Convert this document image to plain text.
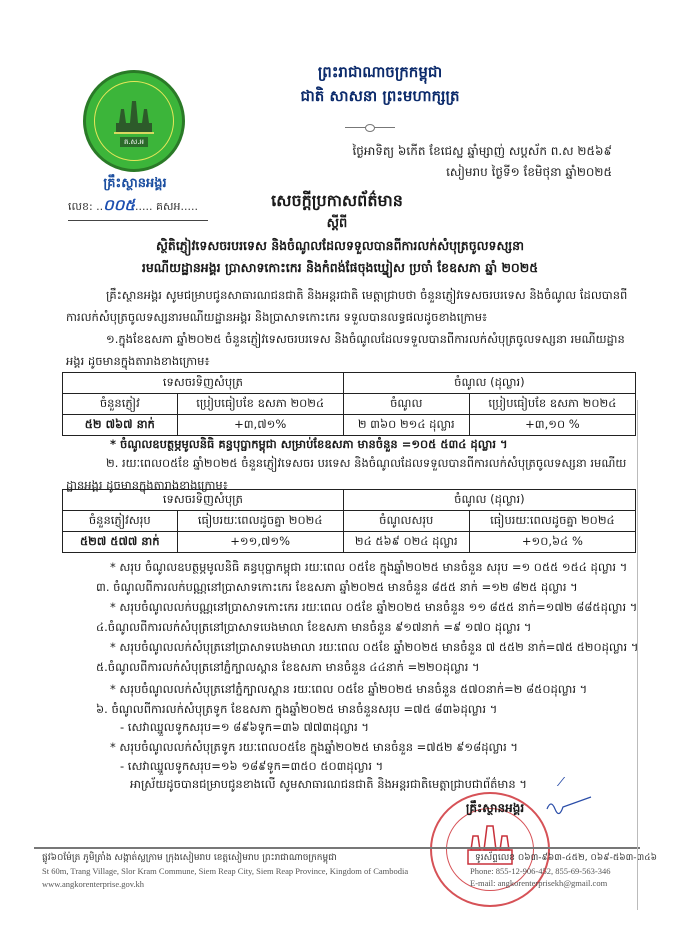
ព្រះរាជាណាចក្រកម្ពុជា
ជាតិ សាសនា ព្រះមហាក្សត្រ
គ.ស.អ
គ្រឹះស្ថានអង្គរ
លេខ: ..០០៥..... គសអ.....
ថ្ងៃអាទិត្យ ៦កើត ខែជេស្ឋ ឆ្នាំម្សាញ់ សប្តស័ក ព.ស ២៥៦៩
សៀមរាប ថ្ងៃទី១ ខែមិថុនា ឆ្នាំ២០២៥
សេចក្តីប្រកាសព័ត៌មាន
ស្តីពី
ស្ថិតិភ្ញៀវទេសចរបរទេស និងចំណូលដែលទទួលបានពីការលក់សំបុត្រចូលទស្សនា
រមណីយដ្ឋានអង្គរ ប្រាសាទកោះកេរ និងកំពង់ផែចុងឃ្នៀស ប្រចាំ ខែឧសភា ឆ្នាំ ២០២៥
គ្រឹះស្ថានអង្គរ សូមជម្រាបជូនសាធារណជនជាតិ និងអន្តរជាតិ មេត្តាជ្រាបថា ចំនួនភ្ញៀវទេសចរបរទេស និងចំណូល ដែលបានពីការលក់សំបុត្រចូលទស្សនារមណីយដ្ឋានអង្គរ និងប្រាសាទកោះកេរ ទទួលបានលទ្ធផលដូចខាងក្រោម៖
១.ក្នុងខែឧសភា ឆ្នាំ២០២៥ ចំនួនភ្ញៀវទេសចរបរទេស និងចំណូលដែលទទួលបានពីការលក់សំបុត្រចូលទស្សនា រមណីយដ្ឋានអង្គរ ដូចមានក្នុងតារាងខាងក្រោម៖
ទេសចរទិញសំបុត្រ		ចំណូល (ដុល្លារ)	
ចំនួនភ្ញៀវ	ប្រៀបធៀបខែ ឧសភា ២០២៤	ចំណូល	ប្រៀបធៀបខែ ឧសភា ២០២៤
៥២ ៧៦៧ នាក់	+៣,៧១%	២ ៣៦០ ២១៤ ដុល្លារ	+៣,១០ %
* ចំណូលឧបត្ថម្ភមូលនិធិ គន្ធបុប្ផាកម្ពុជា សម្រាប់ខែឧសភា មានចំនួន =១០៥ ៥៣៤ ដុល្លារ ។
២. រយៈពេល០៥ខែ ឆ្នាំ២០២៥ ចំនួនភ្ញៀវទេសចរ បរទេស និងចំណូលដែលទទួលបានពីការលក់សំបុត្រចូលទស្សនា រមណីយដ្ឋានអង្គរ ដូចមានក្នុងតារាងខាងក្រោម៖
ទេសចរទិញសំបុត្រ		ចំណូល (ដុល្លារ)	
ចំនួនភ្ញៀវសរុប	ធៀបរយៈពេលដូចគ្នា ២០២៤	ចំណូលសរុប	ធៀបរយៈពេលដូចគ្នា ២០២៤
៥២៧ ៥៧៧ នាក់	+១១,៧១%	២៤ ៥៦៩ ០២៤ ដុល្លារ	+១០,៦៤ %
* សរុប ចំណូលឧបត្ថម្ភមូលនិធិ គន្ធបុប្ផាកម្ពុជា រយៈពេល ០៥ខែ ក្នុងឆ្នាំ២០២៥ មានចំនួន សរុប =១ ០៥៥ ១៥៤ ដុល្លារ ។
៣. ចំណូលពីការលក់បណ្ណនៅប្រាសាទកោះកេរ ខែឧសភា ឆ្នាំ២០២៥ មានចំនួន ៨៥៥ នាក់ =១២ ៨២៥ ដុល្លារ ។
* សរុបចំណូលលក់បណ្ណនៅប្រាសាទកោះកេរ រយៈពេល ០៥ខែ ឆ្នាំ២០២៥ មានចំនួន ១១ ៨៥៥ នាក់=១៧២ ៨៨៥ដុល្លារ ។
៤.ចំណូលពីការលក់សំបុត្រនៅប្រាសាទបេងមាលា ខែឧសភា មានចំនួន ៩១៧នាក់ =៩ ១៧០ ដុល្លារ ។
* សរុបចំណូលលក់សំបុត្រនៅប្រាសាទបេងមាលា រយៈពេល ០៥ខែ ឆ្នាំ២០២៥ មានចំនួន ៧ ៥៥២ នាក់=៧៥ ៥២០ដុល្លារ ។
៥.ចំណូលពីការលក់សំបុត្រនៅភ្នំក្បាលស្ពាន ខែឧសភា មានចំនួន ៤៤នាក់ =២២០ដុល្លារ ។
* សរុបចំណូលលក់សំបុត្រនៅភ្នំក្បាលស្ពាន រយៈពេល ០៥ខែ ឆ្នាំ២០២៥ មានចំនួន ៥៧០នាក់=២ ៨៥០ដុល្លារ ។
៦. ចំណូលពីការលក់សំបុត្រទូក ខែឧសភា ក្នុងឆ្នាំ២០២៥ មានចំនួនសរុប =៧៥ ៨៣៦ដុល្លារ ។
- សេវាឈ្នួលទូកសរុប=១ ៨៩៦ទូក=៣៦ ៧៧៣ដុល្លារ ។
* សរុបចំណូលលក់សំបុត្រទូក រយៈពេល០៥ខែ ក្នុងឆ្នាំ២០២៥ មានចំនួន =៧៥២ ៩១៨ដុល្លារ ។
- សេវាឈ្នួលទូកសរុប=១៦ ១៨៩ទូក=៣៥០ ៥០៣ដុល្លារ ។
អាស្រ័យដូចបានជម្រាបជូនខាងលើ សូមសាធារណជនជាតិ និងអន្តរជាតិមេត្តាជ្រាបជាព័ត៌មាន ។	⁄
គ្រឹះស្ថានអង្គរ
ផ្លូវ៦០ម៉ែត្រ ភូមិត្រាំង សង្កាត់ស្លក្រាម ក្រុងសៀមរាប ខេត្តសៀមរាប ព្រះរាជាណាចក្រកម្ពុជា
St 60m, Trang Village, Slor Kram Commune, Siem Reap City, Siem Reap Province, Kingdom of Cambodia
www.angkorenterprise.gov.kh
ទូរស័ព្ទលេខ ០៦៣-៩៦៣-៤៥២, ០៦៩-៥៦៣-៣៤៦
Phone: 855-12-906-452, 855-69-563-346
E-mail: angkorenterprisekh@gmail.com
